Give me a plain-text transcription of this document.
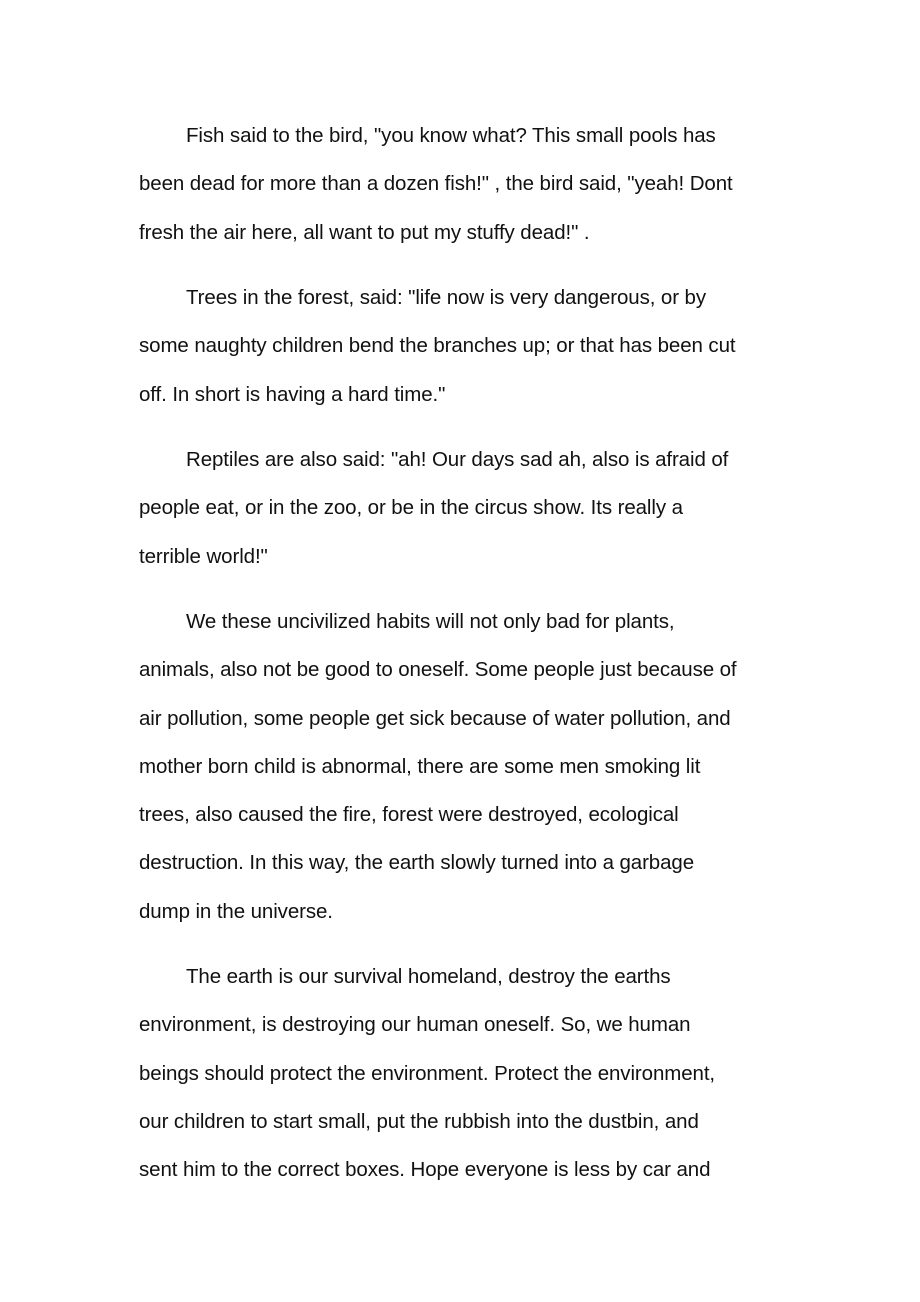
Fish said to the bird, "you know what? This small pools has
been dead for more than a dozen fish!" , the bird said, "yeah! Dont
fresh the air here, all want to put my stuffy dead!" .

Trees in the forest, said: "life now is very dangerous, or by
some naughty children bend the branches up; or that has been cut
off. In short is having a hard time."

Reptiles are also said: "ah! Our days sad ah, also is afraid of
people eat, or in the zoo, or be in the circus show. Its really a
terrible world!"

We these uncivilized habits will not only bad for plants,
animals, also not be good to oneself. Some people just because of
air pollution, some people get sick because of water pollution, and
mother born child is abnormal, there are some men smoking lit
trees, also caused the fire, forest were destroyed, ecological
destruction. In this way, the earth slowly turned into a garbage
dump in the universe.

The earth is our survival homeland, destroy the earths
environment, is destroying our human oneself. So, we human
beings should protect the environment. Protect the environment,
our children to start small, put the rubbish into the dustbin, and
sent him to the correct boxes. Hope everyone is less by car and
